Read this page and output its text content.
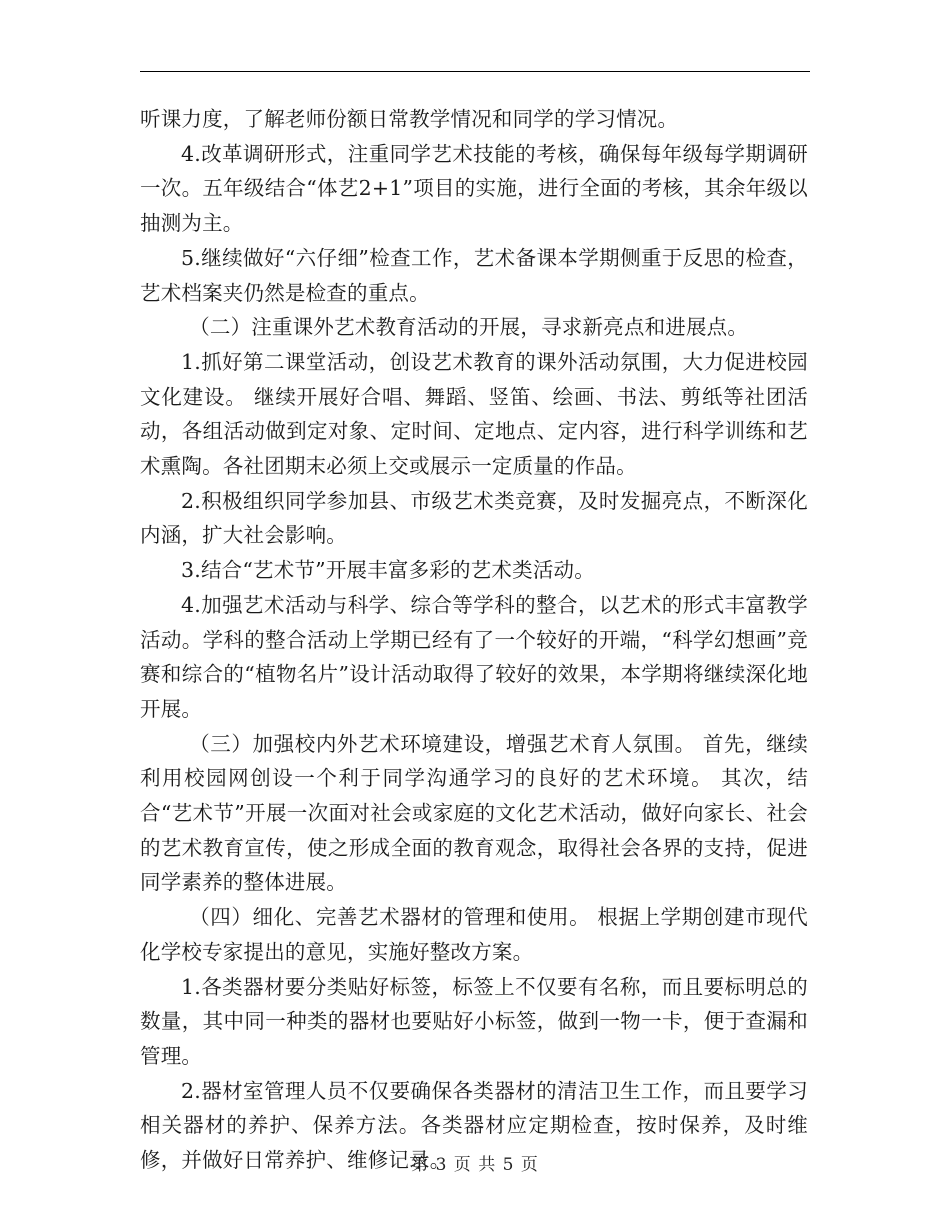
听课力度，了解老师份额日常教学情况和同学的学习情况。

4.改革调研形式，注重同学艺术技能的考核，确保每年级每学期调研一次。五年级结合“体艺2+1”项目的实施，进行全面的考核，其余年级以抽测为主。

5.继续做好“六仔细”检查工作，艺术备课本学期侧重于反思的检查，艺术档案夹仍然是检查的重点。

（二）注重课外艺术教育活动的开展，寻求新亮点和进展点。

1.抓好第二课堂活动，创设艺术教育的课外活动氛围，大力促进校园文化建设。 继续开展好合唱、舞蹈、竖笛、绘画、书法、剪纸等社团活动，各组活动做到定对象、定时间、定地点、定内容，进行科学训练和艺术熏陶。各社团期末必须上交或展示一定质量的作品。

2.积极组织同学参加县、市级艺术类竞赛，及时发掘亮点，不断深化内涵，扩大社会影响。

3.结合“艺术节”开展丰富多彩的艺术类活动。

4.加强艺术活动与科学、综合等学科的整合，以艺术的形式丰富教学活动。学科的整合活动上学期已经有了一个较好的开端，“科学幻想画”竞赛和综合的“植物名片”设计活动取得了较好的效果，本学期将继续深化地开展。

（三）加强校内外艺术环境建设，增强艺术育人氛围。 首先，继续利用校园网创设一个利于同学沟通学习的良好的艺术环境。 其次，结合“艺术节”开展一次面对社会或家庭的文化艺术活动，做好向家长、社会的艺术教育宣传，使之形成全面的教育观念，取得社会各界的支持，促进同学素养的整体进展。

（四）细化、完善艺术器材的管理和使用。 根据上学期创建市现代化学校专家提出的意见，实施好整改方案。

1.各类器材要分类贴好标签，标签上不仅要有名称，而且要标明总的数量，其中同一种类的器材也要贴好小标签，做到一物一卡，便于查漏和管理。

2.器材室管理人员不仅要确保各类器材的清洁卫生工作，而且要学习相关器材的养护、保养方法。各类器材应定期检查，按时保养，及时维修，并做好日常养护、维修记录。

第 3 页 共 5 页
